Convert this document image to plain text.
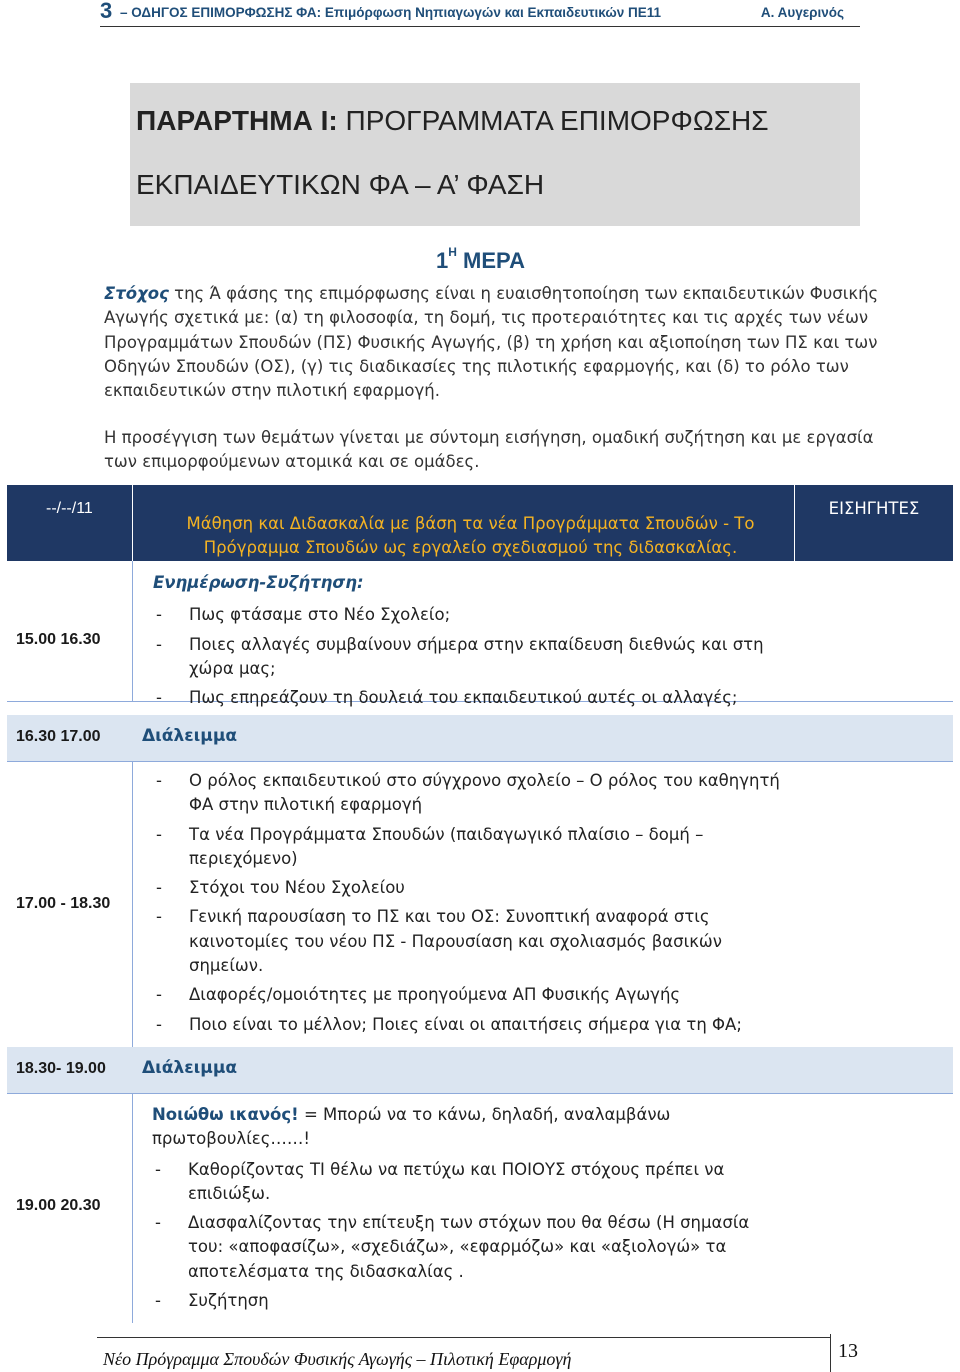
3 – ΟΔΗΓΟΣ ΕΠΙΜΟΡΦΩΣΗΣ ΦΑ: Επιμόρφωση Νηπιαγωγών και Εκπαιδευτικών ΠΕ11	Α. Αυγερινός
ΠΑΡΑΡΤΗΜΑ Ι: ΠΡΟΓΡΑΜΜΑΤΑ ΕΠΙΜΟΡΦΩΣΗΣ
ΕΚΠΑΙΔΕΥΤΙΚΩΝ ΦΑ – Α’ ΦΑΣΗ
$1^H$ ΜΕΡΑ
Στόχος της Ά φάσης της επιμόρφωσης είναι η ευαισθητοποίηση των εκπαιδευτικών Φυσικής
Αγωγής σχετικά με: (α) τη φιλοσοφία, τη δομή, τις προτεραιότητες και τις αρχές των νέων
Προγραμμάτων Σπουδών (ΠΣ) Φυσικής Αγωγής, (β) τη χρήση και αξιοποίηση των ΠΣ και των
Οδηγών Σπουδών (ΟΣ), (γ) τις διαδικασίες της πιλοτικής εφαρμογής, και (δ) το ρόλο των
εκπαιδευτικών στην πιλοτική εφαρμογή.
Η προσέγγιση των θεμάτων γίνεται με σύντομη εισήγηση, ομαδική συζήτηση και με εργασία
των επιμορφούμενων ατομικά και σε ομάδες.
--/--/11
Μάθηση και Διδασκαλία με βάση τα νέα Προγράμματα Σπουδών - Το Πρόγραμμα Σπουδών ως εργαλείο σχεδιασμού της διδασκαλίας.
ΕΙΣΗΓΗΤΕΣ
15.00 16.30
Ενημέρωση-Συζήτηση:
- Πως φτάσαμε στο Νέο Σχολείο;
- Ποιες αλλαγές συμβαίνουν σήμερα στην εκπαίδευση διεθνώς και στη χώρα μας;
- Πως επηρεάζουν τη δουλειά του εκπαιδευτικού αυτές οι αλλαγές;
16.30 17.00 Διάλειμμα
17.00 - 18.30
- Ο ρόλος εκπαιδευτικού στο σύγχρονο σχολείο – Ο ρόλος του καθηγητή ΦΑ στην πιλοτική εφαρμογή
- Τα νέα Προγράμματα Σπουδών (παιδαγωγικό πλαίσιο – δομή – περιεχόμενο)
- Στόχοι του Νέου Σχολείου
- Γενική παρουσίαση το ΠΣ και του ΟΣ: Συνοπτική αναφορά στις καινοτομίες του νέου ΠΣ - Παρουσίαση και σχολιασμός βασικών σημείων.
- Διαφορές/ομοιότητες με προηγούμενα ΑΠ Φυσικής Αγωγής
- Ποιο είναι το μέλλον; Ποιες είναι οι απαιτήσεις σήμερα για τη ΦΑ;
18.30- 19.00 Διάλειμμα
19.00 20.30
Νοιώθω ικανός! = Μπορώ να το κάνω, δηλαδή, αναλαμβάνω πρωτοβουλίες……!
- Καθορίζοντας ΤΙ θέλω να πετύχω και ΠΟΙΟΥΣ στόχους πρέπει να επιδιώξω.
- Διασφαλίζοντας την επίτευξη των στόχων που θα θέσω (Η σημασία του: «αποφασίζω», «σχεδιάζω», «εφαρμόζω» και «αξιολογώ» τα αποτελέσματα της διδασκαλίας .
- Συζήτηση
Νέο Πρόγραμμα Σπουδών Φυσικής Αγωγής – Πιλοτική Εφαρμογή	13
